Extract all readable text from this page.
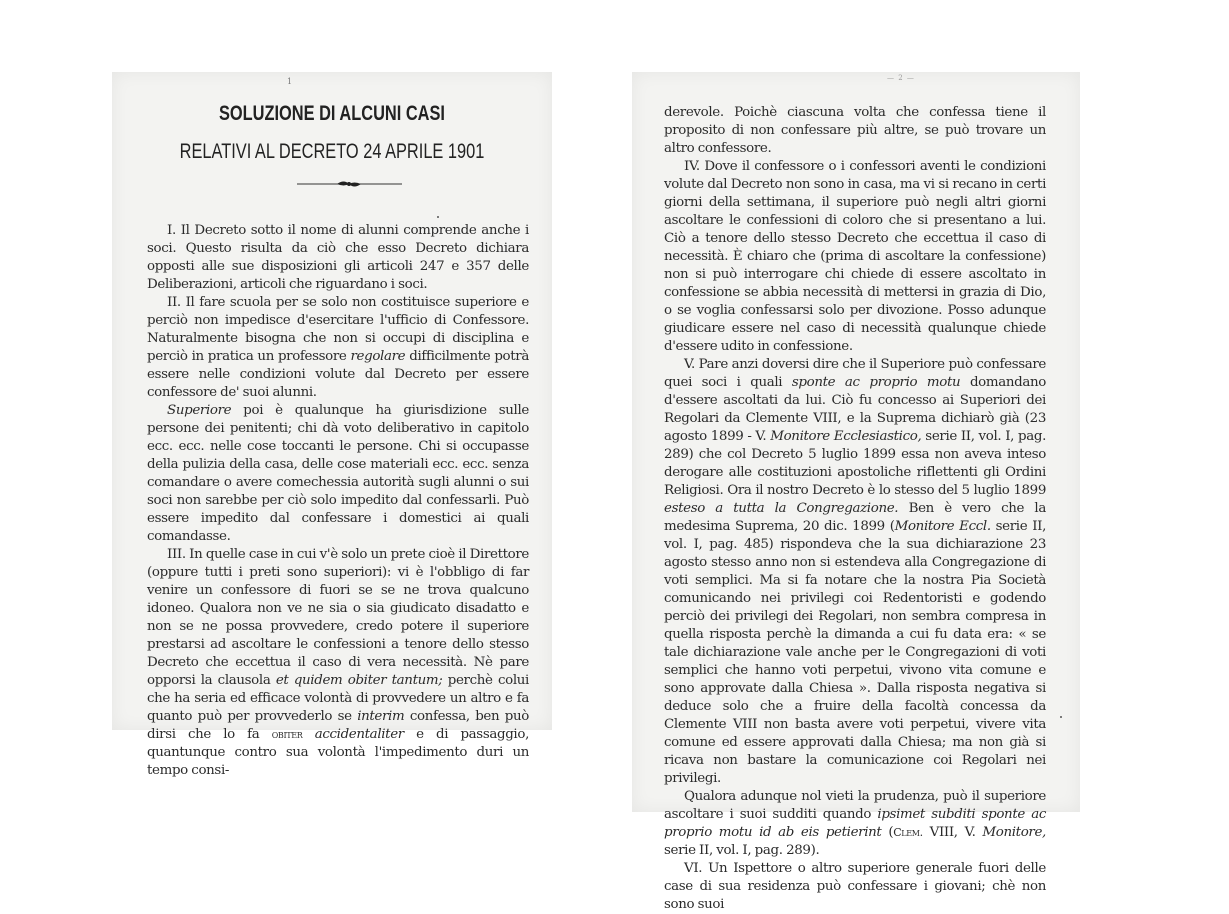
1
SOLUZIONE DI ALCUNI CASI
RELATIVI AL DECRETO 24 APRILE 1901

I. Il Decreto sotto il nome di alunni comprende anche i soci. Questo risulta da ciò che esso Decreto dichiara opposti alle sue disposizioni gli articoli 247 e 357 delle Deliberazioni, articoli che riguardano i soci.

II. Il fare scuola per se solo non costituisce superiore e perciò non impedisce d'esercitare l'ufficio di Confessore. Naturalmente bisogna che non si occupi di disciplina e perciò in pratica un professore regolare difficilmente potrà essere nelle condizioni volute dal Decreto per essere confessore de' suoi alunni.

Superiore poi è qualunque ha giurisdizione sulle persone dei penitenti; chi dà voto deliberativo in capitolo ecc. ecc. nelle cose toccanti le persone. Chi si occupasse della pulizia della casa, delle cose materiali ecc. ecc. senza comandare o avere comechessia autorità sugli alunni o sui soci non sarebbe per ciò solo impedito dal confessarli. Può essere impedito dal confessare i domestici ai quali comandasse.

III. In quelle case in cui v'è solo un prete cioè il Direttore (oppure tutti i preti sono superiori): vi è l'obbligo di far venire un confessore di fuori se se ne trova qualcuno idoneo. Qualora non ve ne sia o sia giudicato disadatto e non se ne possa provvedere, credo potere il superiore prestarsi ad ascoltare le confessioni a tenore dello stesso Decreto che eccettua il caso di vera necessità. Nè pare opporsi la clausola et quidem obiter tantum; perchè colui che ha seria ed efficace volontà di provvedere un altro e fa quanto può per provvederlo se interim confessa, ben può dirsi che lo fa obiter accidentaliter e di passaggio, quantunque contro sua volontà l'impedimento duri un tempo consi-

— 2 —

derevole. Poichè ciascuna volta che confessa tiene il proposito di non confessare più altre, se può trovare un altro confessore.

IV. Dove il confessore o i confessori aventi le condizioni volute dal Decreto non sono in casa, ma vi si recano in certi giorni della settimana, il superiore può negli altri giorni ascoltare le confessioni di coloro che si presentano a lui. Ciò a tenore dello stesso Decreto che eccettua il caso di necessità. È chiaro che (prima di ascoltare la confessione) non si può interrogare chi chiede di essere ascoltato in confessione se abbia necessità di mettersi in grazia di Dio, o se voglia confessarsi solo per divozione. Posso adunque giudicare essere nel caso di necessità qualunque chiede d'essere udito in confessione.

V. Pare anzi doversi dire che il Superiore può confessare quei soci i quali sponte ac proprio motu domandano d'essere ascoltati da lui. Ciò fu concesso ai Superiori dei Regolari da Clemente VIII, e la Suprema dichiarò già (23 agosto 1899 - V. Monitore Ecclesiastico, serie II, vol. I, pag. 289) che col Decreto 5 luglio 1899 essa non aveva inteso derogare alle costituzioni apostoliche riflettenti gli Ordini Religiosi. Ora il nostro Decreto è lo stesso del 5 luglio 1899 esteso a tutta la Congregazione. Ben è vero che la medesima Suprema, 20 dic. 1899 (Monitore Eccl. serie II, vol. I, pag. 485) rispondeva che la sua dichiarazione 23 agosto stesso anno non si estendeva alla Congregazione di voti semplici. Ma si fa notare che la nostra Pia Società comunicando nei privilegi coi Redentoristi e godendo perciò dei privilegi dei Regolari, non sembra compresa in quella risposta perchè la dimanda a cui fu data era: « se tale dichiarazione vale anche per le Congregazioni di voti semplici che hanno voti perpetui, vivono vita comune e sono approvate dalla Chiesa ». Dalla risposta negativa si deduce solo che a fruire della facoltà concessa da Clemente VIII non basta avere voti perpetui, vivere vita comune ed essere approvati dalla Chiesa; ma non già si ricava non bastare la comunicazione coi Regolari nei privilegi.

Qualora adunque nol vieti la prudenza, può il superiore ascoltare i suoi sudditi quando ipsimet subditi sponte ac proprio motu id ab eis petierint (Clem. VIII, V. Monitore, serie II, vol. I, pag. 289).

VI. Un Ispettore o altro superiore generale fuori delle case di sua residenza può confessare i giovani; chè non sono suoi
